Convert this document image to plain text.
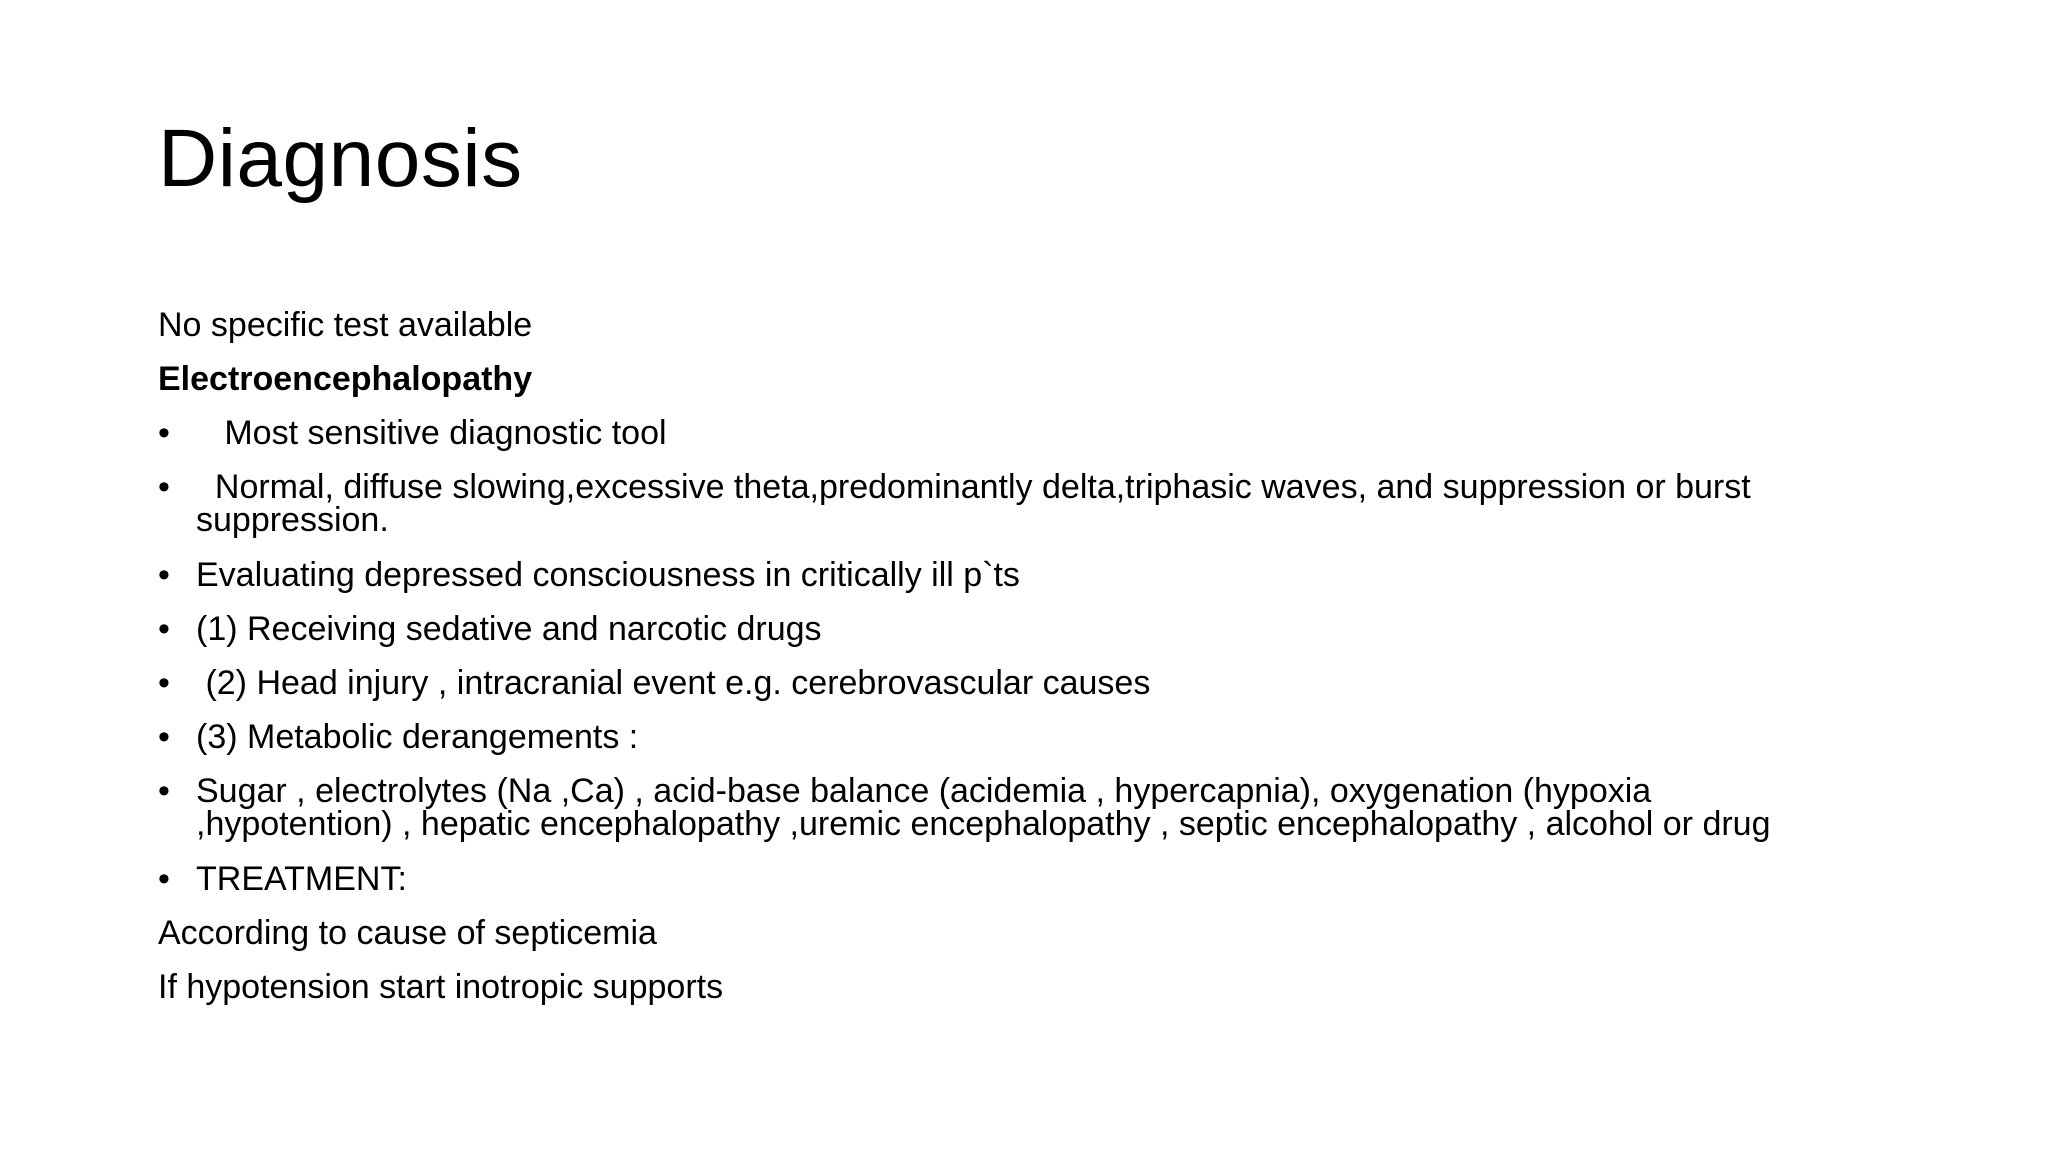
Diagnosis
No specific test available
Electroencephalopathy
• Most sensitive diagnostic tool
• Normal, diffuse slowing,excessive theta,predominantly delta,triphasic waves, and suppression or burst
suppression.
• Evaluating depressed consciousness in critically ill p`ts
• (1) Receiving sedative and narcotic drugs
• (2) Head injury , intracranial event e.g. cerebrovascular causes
• (3) Metabolic derangements :
• Sugar , electrolytes (Na ,Ca) , acid-base balance (acidemia , hypercapnia), oxygenation (hypoxia
,hypotention) , hepatic encephalopathy ,uremic encephalopathy , septic encephalopathy , alcohol or drug
• TREATMENT:
According to cause of septicemia
If hypotension start inotropic supports
